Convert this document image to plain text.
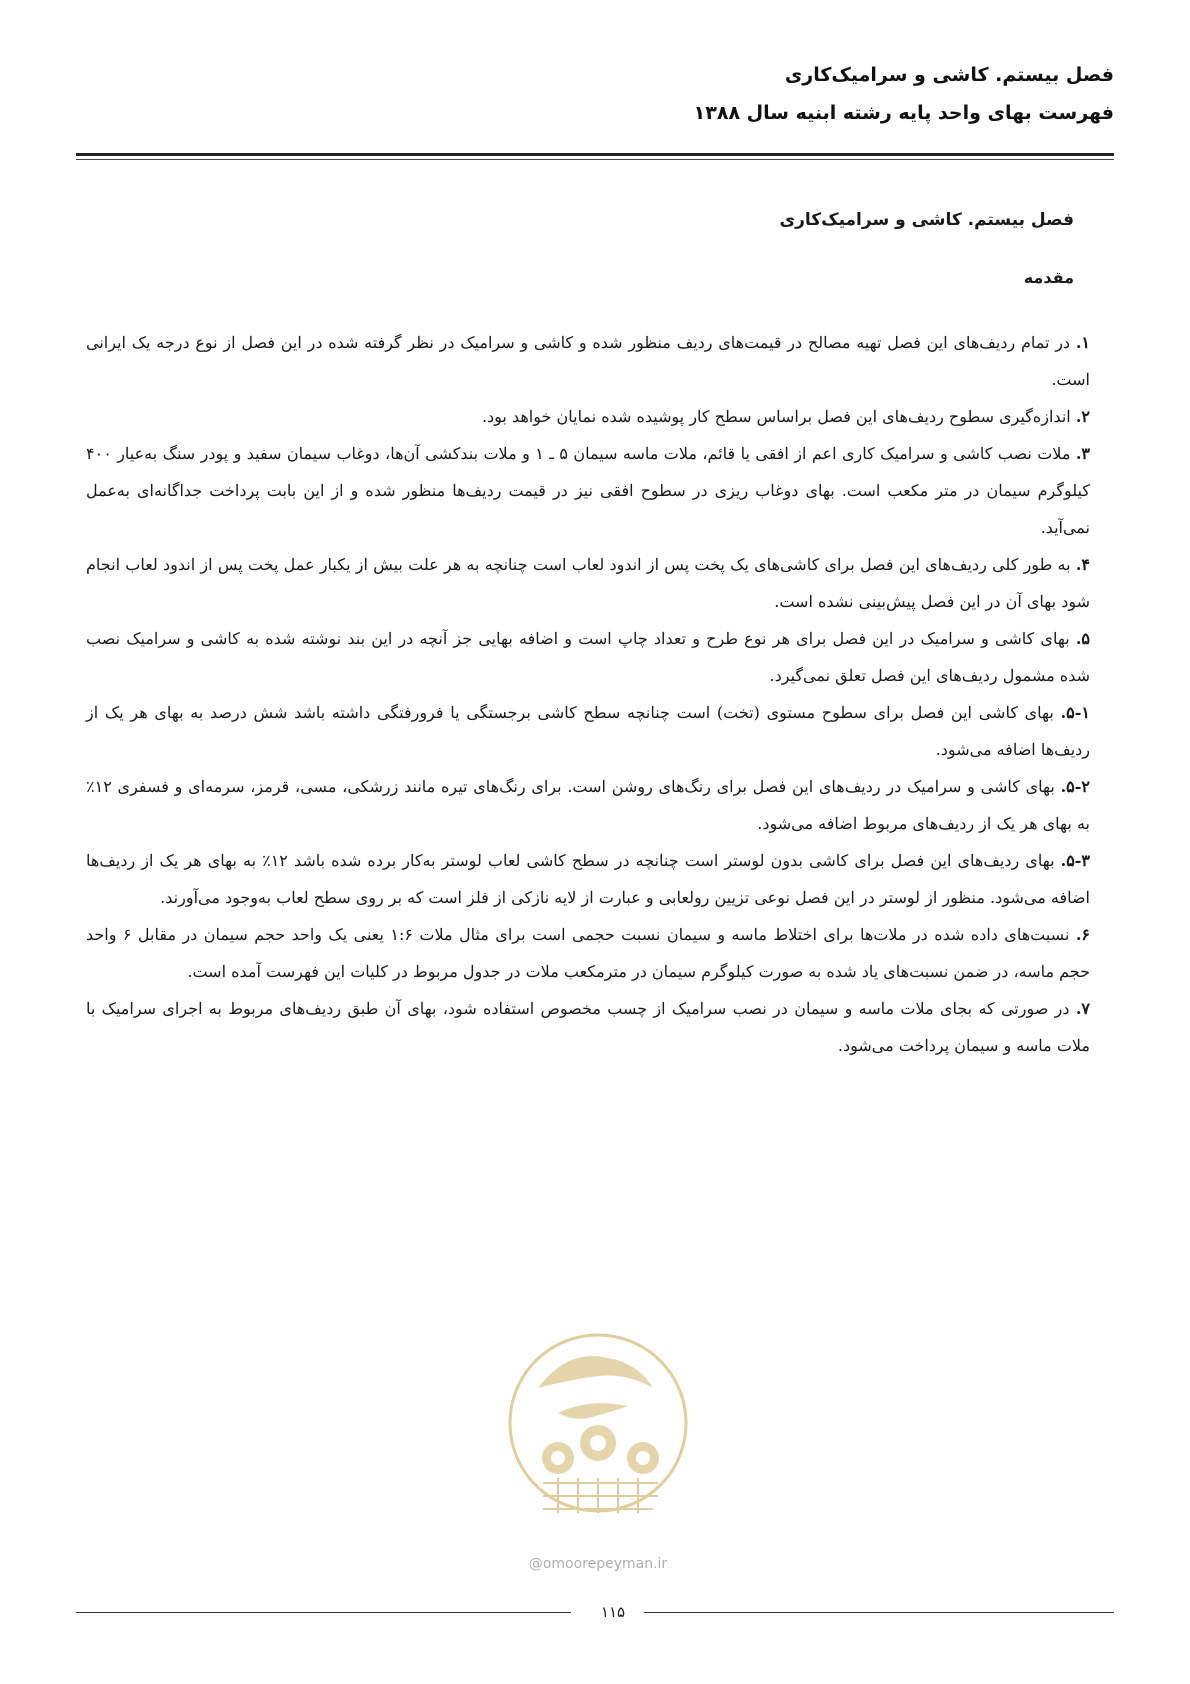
فصل بیستم. کاشی و سرامیک‌کاری
فهرست بهای واحد پایه رشته ابنیه سال ۱۳۸۸
فصل بیستم. کاشی و سرامیک‌کاری
مقدمه

۱. در تمام ردیف‌های این فصل تهیه مصالح در قیمت‌های ردیف منظور شده و کاشی و سرامیک در نظر گرفته شده در این فصل از نوع درجه یک ایرانی است.

۲. اندازه‌گیری سطوح ردیف‌های این فصل براساس سطح کار پوشیده شده نمایان خواهد بود.

۳. ملات نصب کاشی و سرامیک کاری اعم از افقی یا قائم، ملات ماسه سیمان ۵ ـ ۱ و ملات بندکشی آن‌ها، دوغاب سیمان سفید و پودر سنگ به‌عیار ۴۰۰ کیلوگرم سیمان در متر مکعب است. بهای دوغاب ریزی در سطوح افقی نیز در قیمت ردیف‌ها منظور شده و از این بابت پرداخت جداگانه‌ای به‌عمل نمی‌آید.

۴. به طور کلی ردیف‌های این فصل برای کاشی‌های یک پخت پس از اندود لعاب است چنانچه به هر علت بیش از یکبار عمل پخت پس از اندود لعاب انجام شود بهای آن در این فصل پیش‌بینی نشده است.

۵. بهای کاشی و سرامیک در این فصل برای هر نوع طرح و تعداد چاپ است و اضافه بهایی جز آنچه در این بند نوشته شده به کاشی و سرامیک نصب شده مشمول ردیف‌های این فصل تعلق نمی‌گیرد.

۵-۱. بهای کاشی این فصل برای سطوح مستوی (تخت) است چنانچه سطح کاشی برجستگی یا فرورفتگی داشته باشد شش درصد به بهای هر یک از ردیف‌ها اضافه می‌شود.

۵-۲. بهای کاشی و سرامیک در ردیف‌های این فصل برای رنگ‌های روشن است. برای رنگ‌های تیره مانند زرشکی، مسی، قرمز، سرمه‌ای و فسفری ۱۲٪ به بهای هر یک از ردیف‌های مربوط اضافه می‌شود.

۵-۳. بهای ردیف‌های این فصل برای کاشی بدون لوستر است چنانچه در سطح کاشی لعاب لوستر به‌کار برده شده باشد ۱۲٪ به بهای هر یک از ردیف‌ها اضافه می‌شود. منظور از لوستر در این فصل نوعی تزیین رولعابی و عبارت از لایه نازکی از فلز است که بر روی سطح لعاب به‌وجود می‌آورند.

۶. نسبت‌های داده شده در ملات‌ها برای اختلاط ماسه و سیمان نسبت حجمی است برای مثال ملات ۱:۶ یعنی یک واحد حجم سیمان در مقابل ۶ واحد حجم ماسه، در ضمن نسبت‌های یاد شده به صورت کیلوگرم سیمان در مترمکعب ملات در جدول مربوط در کلیات این فهرست آمده است.

۷. در صورتی که بجای ملات ماسه و سیمان در نصب سرامیک از چسب مخصوص استفاده شود، بهای آن طبق ردیف‌های مربوط به اجرای سرامیک با ملات ماسه و سیمان پرداخت می‌شود.

@omoorepeyman.ir
۱۱۵
